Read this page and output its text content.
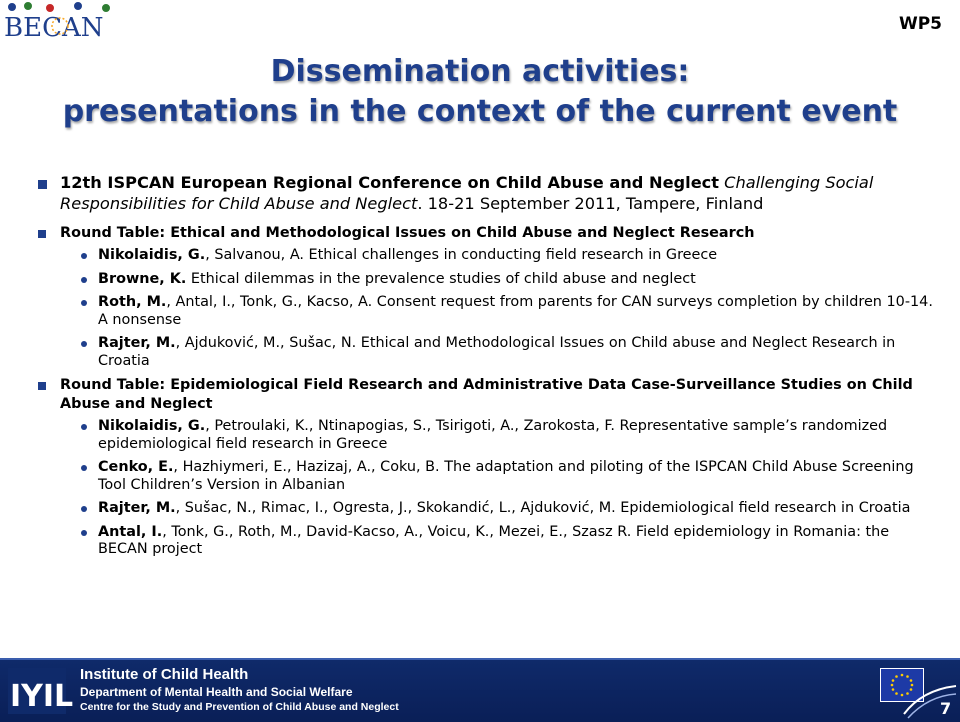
BECAN	WP5
Dissemination activities:
presentations in the context of the current event
12th ISPCAN European Regional Conference on Child Abuse and Neglect Challenging Social Responsibilities for Child Abuse and Neglect. 18-21 September 2011, Tampere, Finland
Round Table: Ethical and Methodological Issues on Child Abuse and Neglect Research
Nikolaidis, G., Salvanou, A. Ethical challenges in conducting field research in Greece
Browne, K. Ethical dilemmas in the prevalence studies of child abuse and neglect
Roth, M., Antal, I., Tonk, G., Kacso, A. Consent request from parents for CAN surveys completion by children 10-14. A nonsense
Rajter, M., Ajduković, M., Sušac, N. Ethical and Methodological Issues on Child abuse and Neglect Research in Croatia
Round Table: Epidemiological Field Research and Administrative Data Case-Surveillance Studies on Child Abuse and Neglect
Nikolaidis, G., Petroulaki, K., Ntinapogias, S., Tsirigoti, A., Zarokosta, F. Representative sample’s randomized epidemiological field research in Greece
Cenko, E., Hazhiymeri, E., Hazizaj, A., Coku, B. The adaptation and piloting of the ISPCAN Child Abuse Screening Tool Children’s Version in Albanian
Rajter, M., Sušac, N., Rimac, I., Ogresta, J., Skokandić, L., Ajduković, M. Epidemiological field research in Croatia
Antal, I., Tonk, G., Roth, M., David-Kacso, A., Voicu, K., Mezei, E., Szasz R. Field epidemiology in Romania: the BECAN project
IYIL
Institute of Child Health
Department of Mental Health and Social Welfare
Centre for the Study and Prevention of Child Abuse and Neglect	7
